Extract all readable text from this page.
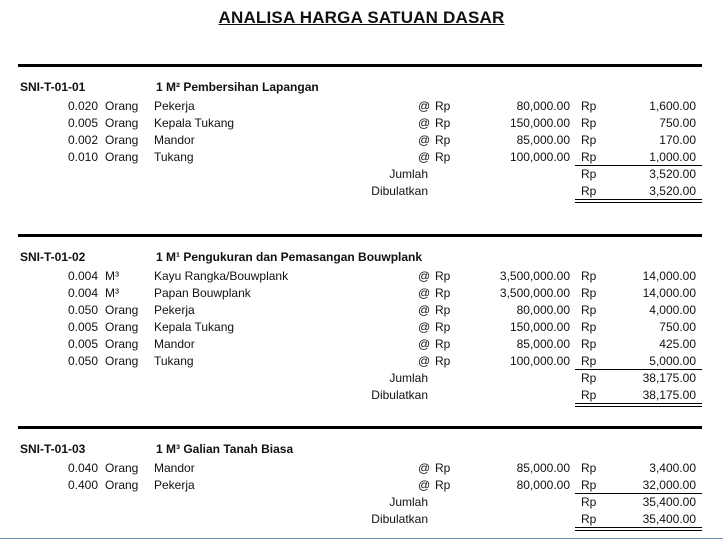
ANALISA HARGA SATUAN DASAR
SNI-T-01-01	1 M² Pembersihan Lapangan
0.020 Orang Pekerja	@ Rp	80,000.00 Rp	1,600.00
0.005 Orang Kepala Tukang	@ Rp	150,000.00 Rp	750.00
0.002 Orang Mandor	@ Rp	85,000.00 Rp	170.00
0.010 Orang Tukang	@ Rp	100,000.00 Rp	1,000.00
Jumlah	Rp	3,520.00
Dibulatkan	Rp	3,520.00
SNI-T-01-02	1 M¹ Pengukuran dan Pemasangan Bouwplank
0.004 M³	Kayu Rangka/Bouwplank	@ Rp	3,500,000.00 Rp	14,000.00
0.004 M³	Papan Bouwplank	@ Rp	3,500,000.00 Rp	14,000.00
0.050 Orang Pekerja	@ Rp	80,000.00 Rp	4,000.00
0.005 Orang Kepala Tukang	@ Rp	150,000.00 Rp	750.00
0.005 Orang Mandor	@ Rp	85,000.00 Rp	425.00
0.050 Orang Tukang	@ Rp	100,000.00 Rp	5,000.00
Jumlah	Rp	38,175.00
Dibulatkan	Rp	38,175.00
SNI-T-01-03	1 M³ Galian Tanah Biasa
0.040 Orang Mandor	@ Rp	85,000.00 Rp	3,400.00
0.400 Orang Pekerja	@ Rp	80,000.00 Rp	32,000.00
Jumlah	Rp	35,400.00
Dibulatkan	Rp	35,400.00
